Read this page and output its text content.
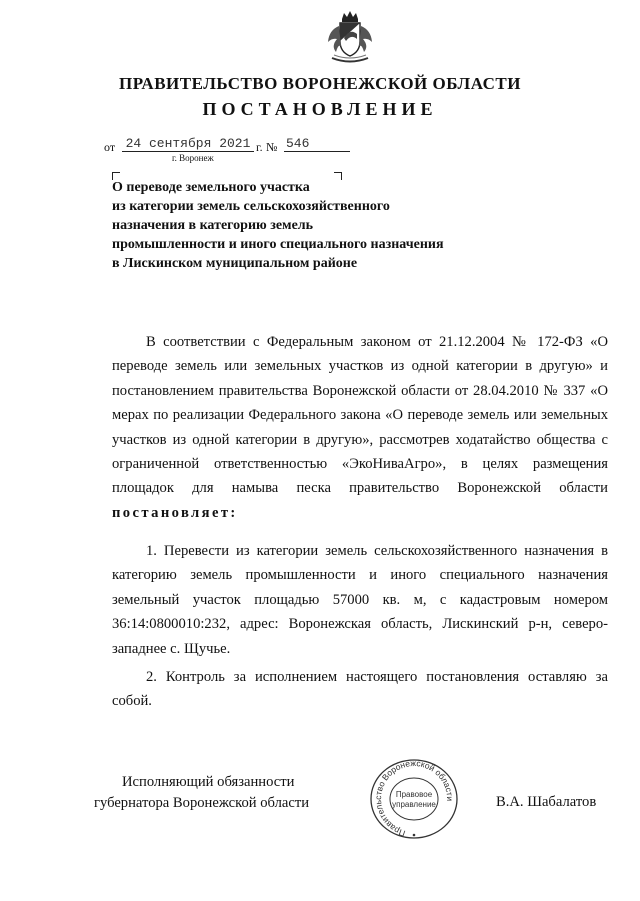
ПРАВИТЕЛЬСТВО ВОРОНЕЖСКОЙ ОБЛАСТИ
ПОСТАНОВЛЕНИЕ
от 24 сентября 2021 г. № 546
г. Воронеж
О переводе земельного участка
из категории земель сельскохозяйственного
назначения в категорию земель
промышленности и иного специального назначения
в Лискинском муниципальном районе
В соответствии с Федеральным законом от 21.12.2004 № 172-ФЗ «О переводе земель или земельных участков из одной категории в другую» и постановлением правительства Воронежской области от 28.04.2010 № 337 «О мерах по реализации Федерального закона «О переводе земель или земельных участков из одной категории в другую», рассмотрев ходатайство общества с ограниченной ответственностью «ЭкоНиваАгро», в целях размещения площадок для намыва песка правительство Воронежской области постановляет:
1. Перевести из категории земель сельскохозяйственного назначения в категорию земель промышленности и иного специального назначения земельный участок площадью 57000 кв. м, с кадастровым номером 36:14:0800010:232, адрес: Воронежская область, Лискинский р-н, северо-западнее с. Щучье.
2. Контроль за исполнением настоящего постановления оставляю за собой.
Исполняющий обязанности
губернатора Воронежской области
Правительство Воронежской области
Правовое
управление	В.А. Шабалатов
